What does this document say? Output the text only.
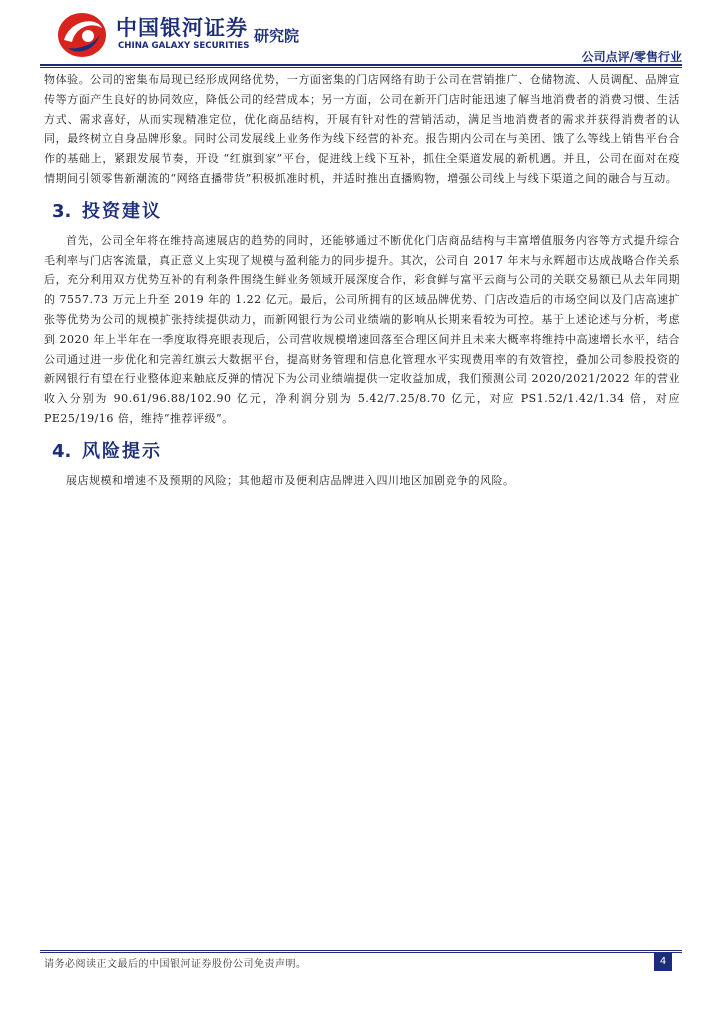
中国银河证券
CHINA GALAXY SECURITIES
研究院
公司点评/零售行业

物体验。公司的密集布局现已经形成网络优势，一方面密集的门店网络有助于公司在营销推广、仓储物流、人员调配、品牌宣传等方面产生良好的协同效应，降低公司的经营成本；另一方面，公司在新开门店时能迅速了解当地消费者的消费习惯、生活方式、需求喜好，从而实现精准定位，优化商品结构，开展有针对性的营销活动，满足当地消费者的需求并获得消费者的认同，最终树立自身品牌形象。同时公司发展线上业务作为线下经营的补充。报告期内公司在与美团、饿了么等线上销售平台合作的基础上，紧跟发展节奏，开设 “红旗到家”平台，促进线上线下互补，抓住全渠道发展的新机遇。并且，公司在面对在疫情期间引领零售新潮流的“网络直播带货”积极抓准时机，并适时推出直播购物，增强公司线上与线下渠道之间的融合与互动。

3. 投资建议

首先，公司全年将在维持高速展店的趋势的同时，还能够通过不断优化门店商品结构与丰富增值服务内容等方式提升综合毛利率与门店客流量，真正意义上实现了规模与盈利能力的同步提升。其次，公司自 2017 年末与永辉超市达成战略合作关系后，充分利用双方优势互补的有利条件围绕生鲜业务领域开展深度合作，彩食鲜与富平云商与公司的关联交易额已从去年同期的 7557.73 万元上升至 2019 年的 1.22 亿元。最后，公司所拥有的区域品牌优势、门店改造后的市场空间以及门店高速扩张等优势为公司的规模扩张持续提供动力，而新网银行为公司业绩端的影响从长期来看较为可控。基于上述论述与分析，考虑到 2020 年上半年在一季度取得亮眼表现后，公司营收规模增速回落至合理区间并且未来大概率将维持中高速增长水平，结合公司通过进一步优化和完善红旗云大数据平台，提高财务管理和信息化管理水平实现费用率的有效管控，叠加公司参股投资的新网银行有望在行业整体迎来触底反弹的情况下为公司业绩端提供一定收益加成，我们预测公司 2020/2021/2022 年的营业收入分别为 90.61/96.88/102.90 亿元，净利润分别为 5.42/7.25/8.70 亿元，对应 PS1.52/1.42/1.34 倍，对应 PE25/19/16 倍，维持“推荐评级”。

4. 风险提示

展店规模和增速不及预期的风险；其他超市及便利店品牌进入四川地区加剧竞争的风险。

请务必阅读正文最后的中国银河证券股份公司免责声明。	4
